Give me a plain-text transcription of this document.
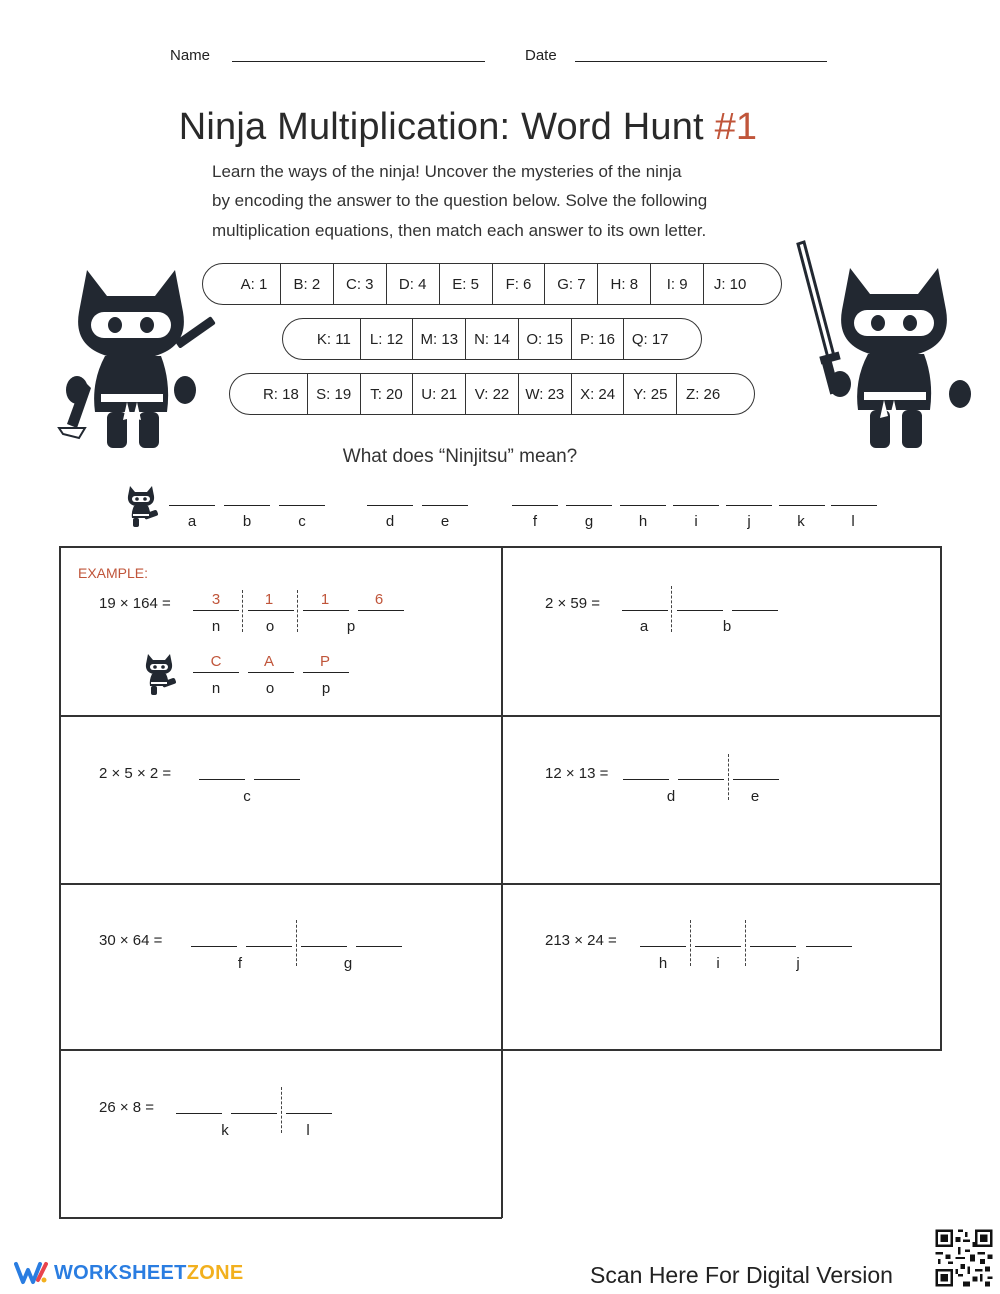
Name	Date
Ninja Multiplication: Word Hunt #1
Learn the ways of the ninja! Uncover the mysteries of the ninja
by encoding the answer to the question below. Solve the following
multiplication equations, then match each answer to its own letter.
A: 1	B: 2	C: 3	D: 4	E: 5	F: 6	G: 7	H: 8	I: 9	J: 10
K: 11	L: 12	M: 13	N: 14	O: 15	P: 16	Q: 17
R: 18	S: 19	T: 20	U: 21	V: 22	W: 23	X: 24	Y: 25	Z: 26
What does “Ninjitsu” mean?
a	b	c	d	e	f	g	h	i	j	k	l
EXAMPLE:
19 × 164 =	3	1	1	6
n	o	p
C	A	P
n	o	p
2 × 59 =
a	b
2 × 5 × 2 =
c
12 × 13 =
d	e
30 × 64 =
f	g
213 × 24 =
h	i	j
26 × 8 =
k	l
WORKSHEETZONE	Scan Here For Digital Version
